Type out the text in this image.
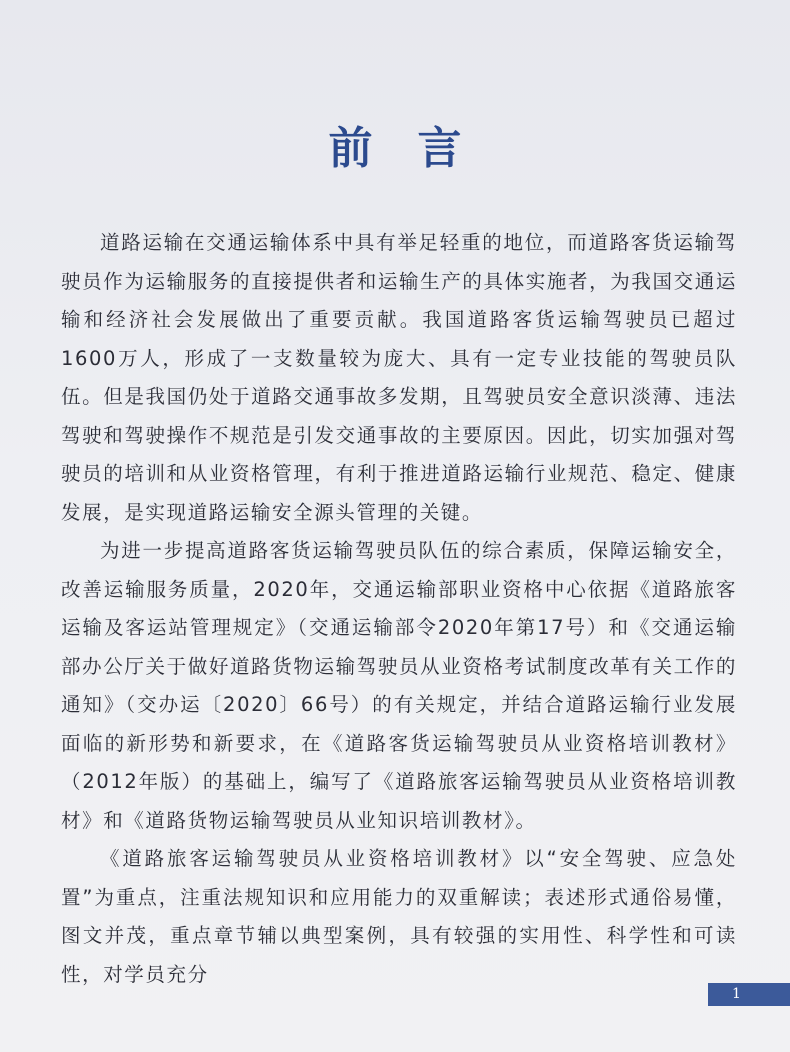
前言

道路运输在交通运输体系中具有举足轻重的地位，而道路客货运输驾驶员作为运输服务的直接提供者和运输生产的具体实施者，为我国交通运输和经济社会发展做出了重要贡献。我国道路客货运输驾驶员已超过1600万人，形成了一支数量较为庞大、具有一定专业技能的驾驶员队伍。但是我国仍处于道路交通事故多发期，且驾驶员安全意识淡薄、违法驾驶和驾驶操作不规范是引发交通事故的主要原因。因此，切实加强对驾驶员的培训和从业资格管理，有利于推进道路运输行业规范、稳定、健康发展，是实现道路运输安全源头管理的关键。

为进一步提高道路客货运输驾驶员队伍的综合素质，保障运输安全，改善运输服务质量，2020年，交通运输部职业资格中心依据《道路旅客运输及客运站管理规定》（交通运输部令2020年第17号）和《交通运输部办公厅关于做好道路货物运输驾驶员从业资格考试制度改革有关工作的通知》（交办运〔2020〕66号）的有关规定，并结合道路运输行业发展面临的新形势和新要求，在《道路客货运输驾驶员从业资格培训教材》（2012年版）的基础上，编写了《道路旅客运输驾驶员从业资格培训教材》和《道路货物运输驾驶员从业知识培训教材》。

《道路旅客运输驾驶员从业资格培训教材》以“安全驾驶、应急处置”为重点，注重法规知识和应用能力的双重解读；表述形式通俗易懂，图文并茂，重点章节辅以典型案例，具有较强的实用性、科学性和可读性，对学员充分

1
